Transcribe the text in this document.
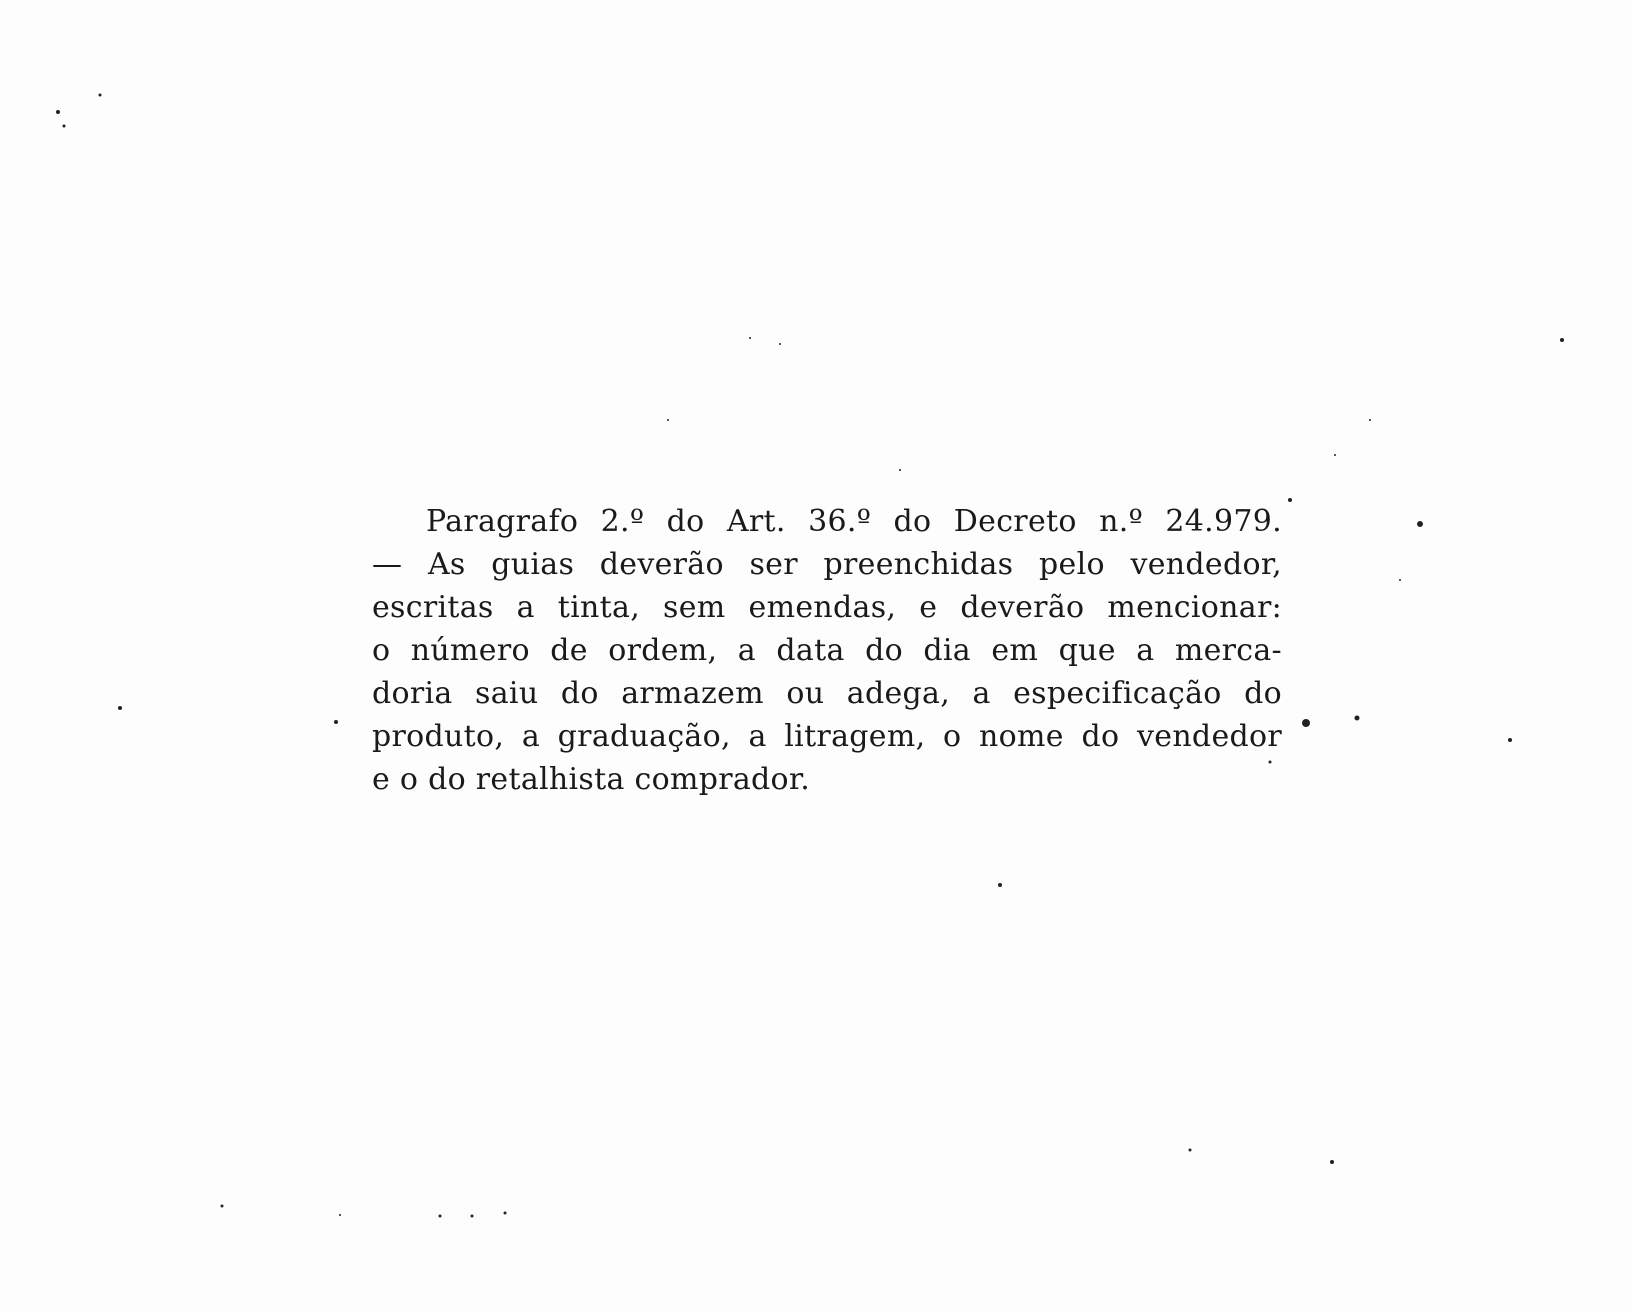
Paragrafo 2.º do Art. 36.º do Decreto n.º 24.979.
— As guias deverão ser preenchidas pelo vendedor,
escritas a tinta, sem emendas, e deverão mencionar:
o número de ordem, a data do dia em que a merca-
doria saiu do armazem ou adega, a especificação do
produto, a graduação, a litragem, o nome do vendedor
e o do retalhista comprador.
